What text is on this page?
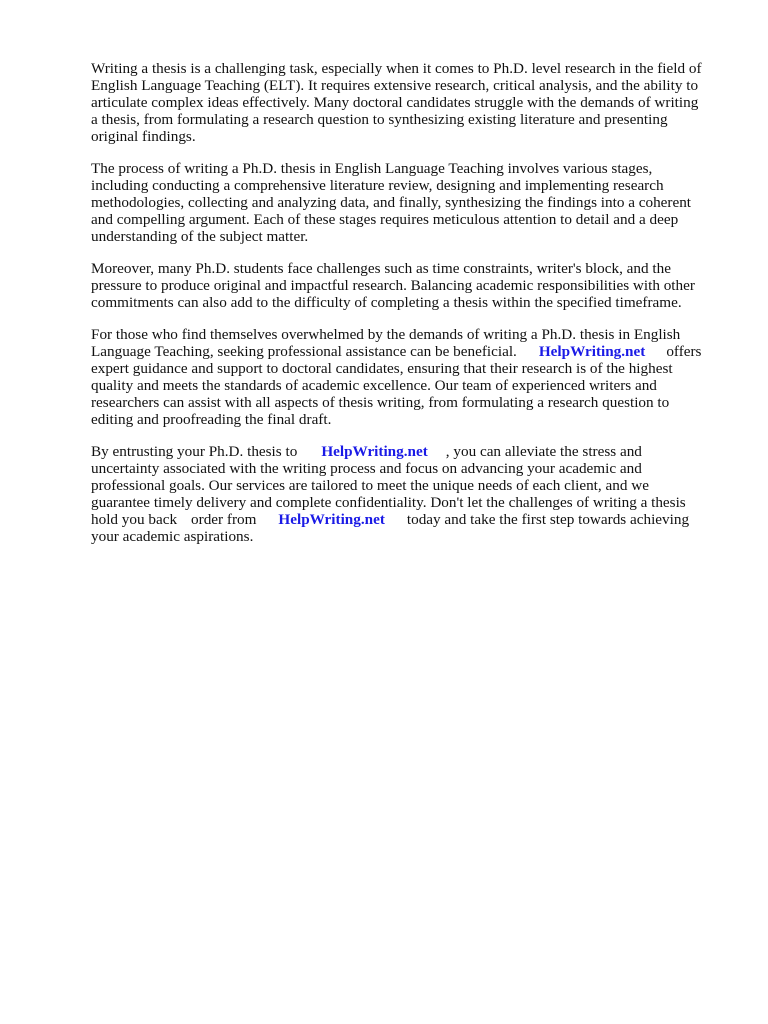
Writing a thesis is a challenging task, especially when it comes to Ph.D. level research in the field of
English Language Teaching (ELT). It requires extensive research, critical analysis, and the ability to
articulate complex ideas effectively. Many doctoral candidates struggle with the demands of writing
a thesis, from formulating a research question to synthesizing existing literature and presenting
original findings.
The process of writing a Ph.D. thesis in English Language Teaching involves various stages,
including conducting a comprehensive literature review, designing and implementing research
methodologies, collecting and analyzing data, and finally, synthesizing the findings into a coherent
and compelling argument. Each of these stages requires meticulous attention to detail and a deep
understanding of the subject matter.
Moreover, many Ph.D. students face challenges such as time constraints, writer's block, and the
pressure to produce original and impactful research. Balancing academic responsibilities with other
commitments can also add to the difficulty of completing a thesis within the specified timeframe.
For those who find themselves overwhelmed by the demands of writing a Ph.D. thesis in English
Language Teaching, seeking professional assistance can be beneficial. HelpWriting.net offers
expert guidance and support to doctoral candidates, ensuring that their research is of the highest
quality and meets the standards of academic excellence. Our team of experienced writers and
researchers can assist with all aspects of thesis writing, from formulating a research question to
editing and proofreading the final draft.
By entrusting your Ph.D. thesis to HelpWriting.net , you can alleviate the stress and
uncertainty associated with the writing process and focus on advancing your academic and
professional goals. Our services are tailored to meet the unique needs of each client, and we
guarantee timely delivery and complete confidentiality. Don't let the challenges of writing a thesis
hold you back order from HelpWriting.net today and take the first step towards achieving
your academic aspirations.
